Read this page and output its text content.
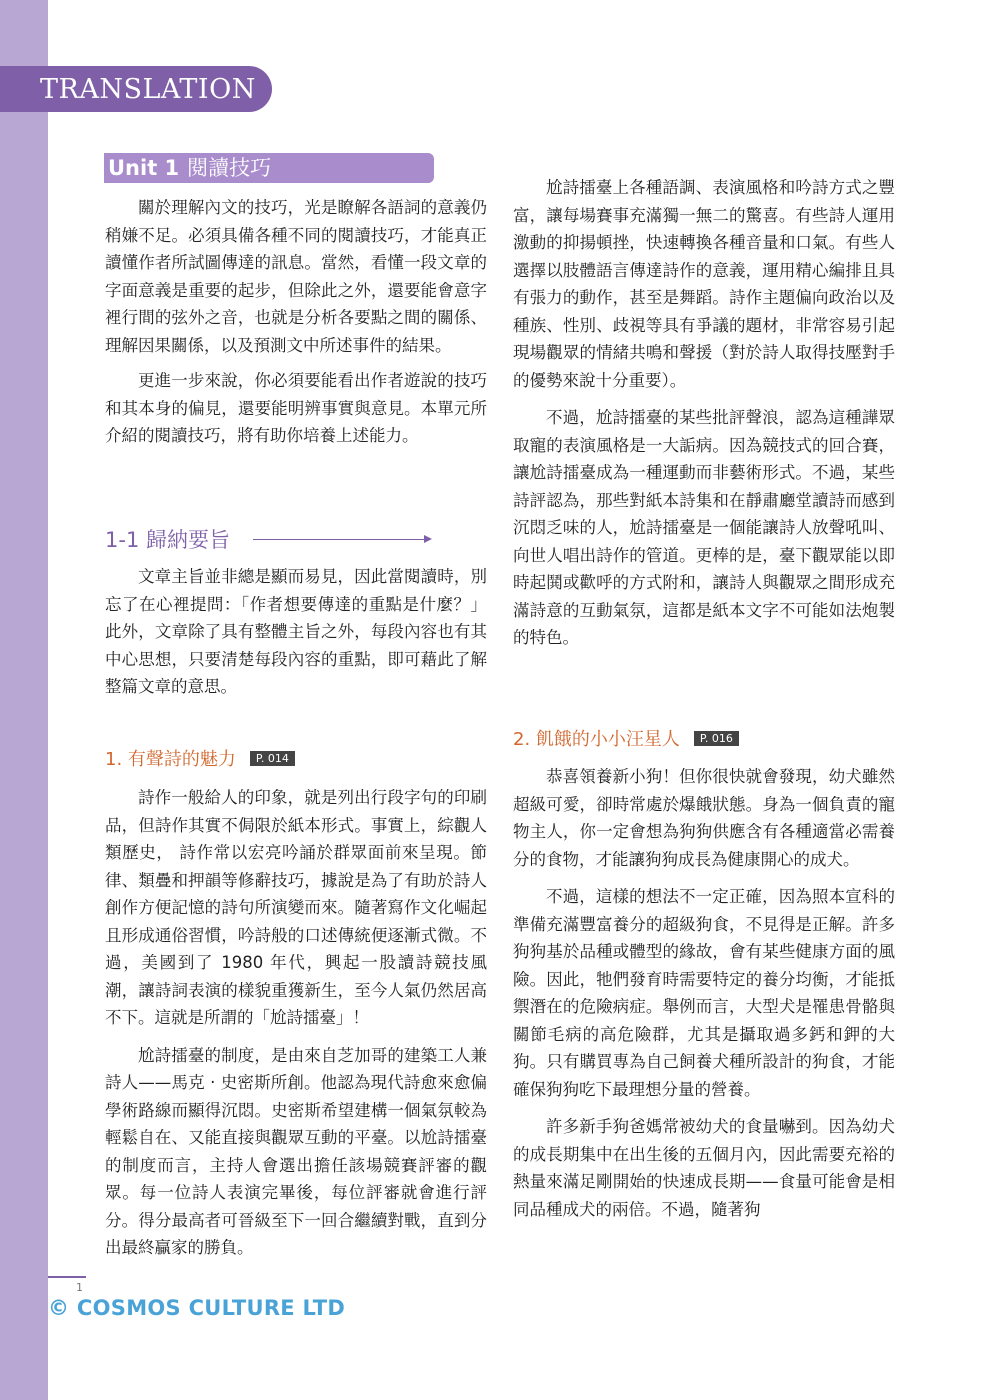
TRANSLATION
Unit 1 閱讀技巧

關於理解內文的技巧，光是瞭解各語詞的意義仍稍嫌不足。必須具備各種不同的閱讀技巧，才能真正讀懂作者所試圖傳達的訊息。當然，看懂一段文章的字面意義是重要的起步，但除此之外，還要能會意字裡行間的弦外之音，也就是分析各要點之間的關係、理解因果關係，以及預測文中所述事件的結果。

更進一步來說，你必須要能看出作者遊說的技巧和其本身的偏見，還要能明辨事實與意見。本單元所介紹的閱讀技巧，將有助你培養上述能力。

1-1 歸納要旨

文章主旨並非總是顯而易見，因此當閱讀時，別忘了在心裡提問：「作者想要傳達的重點是什麼？」此外，文章除了具有整體主旨之外，每段內容也有其中心思想，只要清楚每段內容的重點，即可藉此了解整篇文章的意思。

1. 有聲詩的魅力 P. 014

詩作一般給人的印象，就是列出行段字句的印刷品，但詩作其實不侷限於紙本形式。事實上，綜觀人類歷史， 詩作常以宏亮吟誦於群眾面前來呈現。節律、類疊和押韻等修辭技巧，據說是為了有助於詩人創作方便記憶的詩句所演變而來。隨著寫作文化崛起且形成通俗習慣，吟詩般的口述傳統便逐漸式微。不過，美國到了 1980 年代，興起一股讀詩競技風潮，讓詩詞表演的樣貌重獲新生，至今人氣仍然居高不下。這就是所謂的「尬詩擂臺」！

尬詩擂臺的制度，是由來自芝加哥的建築工人兼詩人——馬克 ‧ 史密斯所創。他認為現代詩愈來愈偏學術路線而顯得沉悶。史密斯希望建構一個氣氛較為輕鬆自在、又能直接與觀眾互動的平臺。以尬詩擂臺的制度而言，主持人會選出擔任該場競賽評審的觀眾。每一位詩人表演完畢後，每位評審就會進行評分。得分最高者可晉級至下一回合繼續對戰，直到分出最終贏家的勝負。

尬詩擂臺上各種語調、表演風格和吟詩方式之豐富，讓每場賽事充滿獨一無二的驚喜。有些詩人運用激動的抑揚頓挫，快速轉換各種音量和口氣。有些人選擇以肢體語言傳達詩作的意義，運用精心編排且具有張力的動作，甚至是舞蹈。詩作主題偏向政治以及種族、性別、歧視等具有爭議的題材，非常容易引起現場觀眾的情緒共鳴和聲援（對於詩人取得技壓對手的優勢來說十分重要）。

不過，尬詩擂臺的某些批評聲浪，認為這種譁眾取寵的表演風格是一大詬病。因為競技式的回合賽，讓尬詩擂臺成為一種運動而非藝術形式。不過，某些詩評認為，那些對紙本詩集和在靜肅廳堂讀詩而感到沉悶乏味的人，尬詩擂臺是一個能讓詩人放聲吼叫、向世人唱出詩作的管道。更棒的是，臺下觀眾能以即時起鬨或歡呼的方式附和，讓詩人與觀眾之間形成充滿詩意的互動氣氛，這都是紙本文字不可能如法炮製的特色。

2. 飢餓的小小汪星人 P. 016

恭喜領養新小狗！但你很快就會發現，幼犬雖然超級可愛，卻時常處於爆餓狀態。身為一個負責的寵物主人，你一定會想為狗狗供應含有各種適當必需養分的食物，才能讓狗狗成長為健康開心的成犬。

不過，這樣的想法不一定正確，因為照本宣科的準備充滿豐富養分的超級狗食，不見得是正解。許多狗狗基於品種或體型的緣故，會有某些健康方面的風險。因此，牠們發育時需要特定的養分均衡，才能抵禦潛在的危險病症。舉例而言，大型犬是罹患骨骼與關節毛病的高危險群，尤其是攝取過多鈣和鉀的大狗。只有購買專為自己飼養犬種所設計的狗食，才能確保狗狗吃下最理想分量的營養。

許多新手狗爸媽常被幼犬的食量嚇到。因為幼犬的成長期集中在出生後的五個月內，因此需要充裕的熱量來滿足剛開始的快速成長期——食量可能會是相同品種成犬的兩倍。不過，隨著狗

1
© COSMOS CULTURE LTD
